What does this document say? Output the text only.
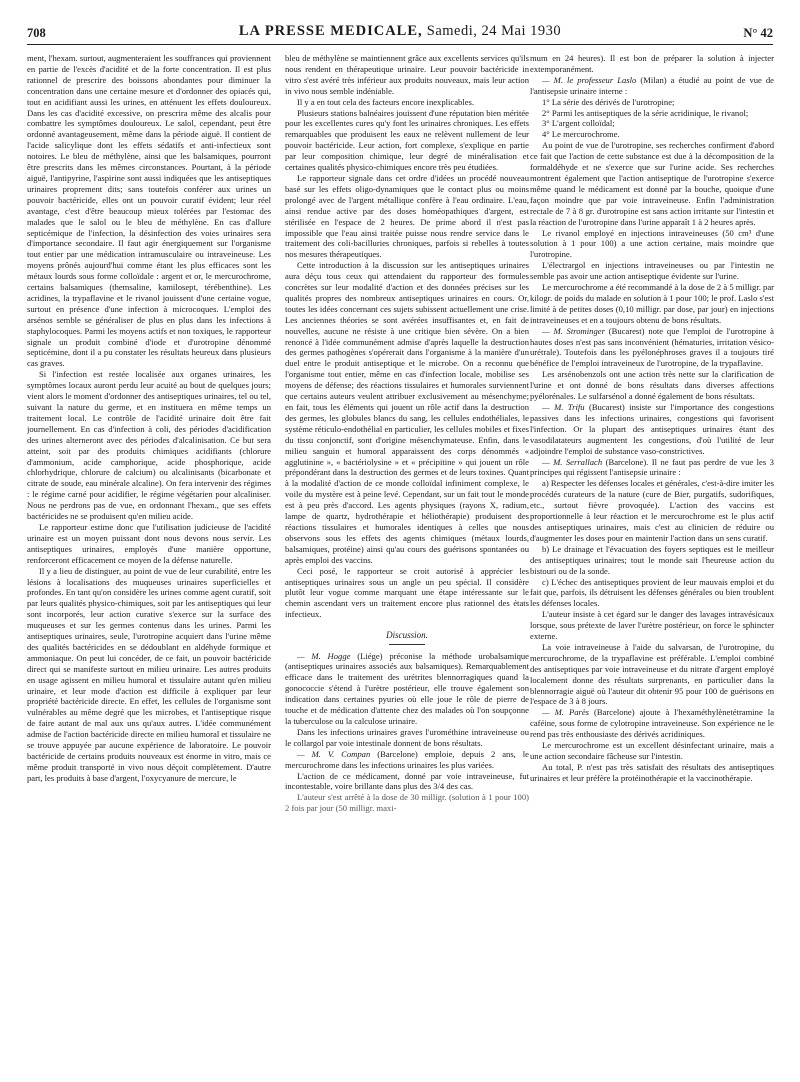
708	LA PRESSE MEDICALE, Samedi, 24 Mai 1930	N° 42

ment, l'hexam. surtout, augmenteraient les souffrances qui proviennent en partie de l'excès d'acidité et de la forte concentration. Il est plus rationnel de prescrire des boissons abondantes pour diminuer la concentration dans une certaine mesure et d'ordonner des opiacés qui, tout en acidifiant aussi les urines, en atténuent les effets douloureux. Dans les cas d'acidité excessive, on prescrira même des alcalis pour combattre les symptômes douloureux. Le salol, cependant, peut être ordonné avantageusement, même dans la période aiguë. Il contient de l'acide salicylique dont les effets sédatifs et anti-infectieux sont notoires. Le bleu de méthylène, ainsi que les balsamiques, pourront être prescrits dans les mêmes circonstances. Pourtant, à la période aiguë, l'antipyrine, l'aspirine sont aussi indiquées que les antiseptiques urinaires proprement dits; sans toutefois conférer aux urines un pouvoir bactéricide, elles ont un pouvoir curatif évident; leur réel avantage, c'est d'être beaucoup mieux tolérées par l'estomac des malades que le salol ou le bleu de méthylène. En cas d'allure septicémique de l'infection, la désinfection des voies urinaires sera d'importance secondaire. Il faut agir énergiquement sur l'organisme tout entier par une médication intramusculaire ou intraveineuse. Les moyens prônés aujourd'hui comme étant les plus efficaces sont les métaux lourds sous forme colloïdale : argent et or, le mercurochrome, certains balsamiques (themsaline, kamilosept, térébenthine). Les acridines, la trypaflavine et le rivanol jouissent d'une certaine vogue, surtout en présence d'une infection à microcoques. L'emploi des arsénos semble se généraliser de plus en plus dans les infections à staphylocoques. Parmi les moyens actifs et non toxiques, le rapporteur signale un produit combiné d'iode et d'urotropine dénommé septicémine, dont il a pu constater les résultats heureux dans plusieurs cas graves.

Si l'infection est restée localisée aux organes urinaires, les symptômes locaux auront perdu leur acuité au bout de quelques jours; vient alors le moment d'ordonner des antiseptiques urinaires, tel ou tel, suivant la nature du germe, et en instituera en même temps un traitement local. Le contrôle de l'acidité urinaire doit être fait journellement. En cas d'infection à coli, des périodes d'acidification des urines alterneront avec des périodes d'alcalinisation. Ce but sera atteint, soit par des produits chimiques acidifiants (chlorure d'ammonium, acide camphorique, acide phosphorique, acide chlorhydrique, chlorure de calcium) ou alcalinisants (bicarbonate et citrate de soude, eau minérale alcaline). On fera intervenir des régimes : le régime carné pour acidifier, le régime végétarien pour alcaliniser. Nous ne perdrons pas de vue, en ordonnant l'hexam., que ses effets bactéricides ne se produisent qu'en milieu acide.

Le rapporteur estime donc que l'utilisation judicieuse de l'acidité urinaire est un moyen puissant dont nous devons nous servir. Les antiseptiques urinaires, employés d'une manière opportune, renforceront efficacement ce moyen de la défense naturelle.

Il y a lieu de distinguer, au point de vue de leur curabilité, entre les lésions à localisations des muqueuses urinaires superficielles et profondes. En tant qu'on considère les urines comme agent curatif, soit par leurs qualités physico-chimiques, soit par les antiseptiques qui leur sont incorporés, leur action curative s'exerce sur la surface des muqueuses et sur les germes contenus dans les urines. Parmi les antiseptiques urinaires, seule, l'urotropine acquiert dans l'urine même des qualités bactéricides en se dédoublant en aldéhyde formique et ammoniaque. On peut lui concéder, de ce fait, un pouvoir bactéricide direct qui se manifeste surtout en milieu urinaire. Les autres produits en usage agissent en milieu humoral et tissulaire autant qu'en milieu urinaire, et leur mode d'action est difficile à expliquer par leur propriété bactéricide directe. En effet, les cellules de l'organisme sont vulnérables au même degré que les microbes, et l'antiseptique risque de faire autant de mal aux uns qu'aux autres. L'idée communément admise de l'action bactéricide directe en milieu humoral et tissulaire ne se trouve appuyée par aucune expérience de laboratoire. Le pouvoir bactéricide de certains produits nouveaux est énorme in vitro, mais ce même produit transporté in vivo nous déçoit complètement. D'autre part, les produits à base d'argent, l'oxycyanure de mercure, le

bleu de méthylène se maintiennent grâce aux excellents services qu'ils nous rendent en thérapeutique urinaire. Leur pouvoir bactéricide in vitro s'est avéré très inférieur aux produits nouveaux, mais leur action in vivo nous semble indéniable.

Il y a en tout cela des facteurs encore inexplicables.

Plusieurs stations balnéaires jouissent d'une réputation bien méritée pour les excellentes cures qu'y font les urinaires chroniques. Les effets remarquables que produisent les eaux ne relèvent nullement de leur pouvoir bactéricide. Leur action, fort complexe, s'explique en partie par leur composition chimique, leur degré de minéralisation et certaines qualités physico-chimiques encore très peu étudiées.

Le rapporteur signale dans cet ordre d'idées un procédé nouveau basé sur les effets oligo-dynamiques que le contact plus ou moins prolongé avec de l'argent métallique confère à l'eau ordinaire. L'eau, ainsi rendue active par des doses homéopathiques d'argent, est stérilisée en l'espace de 2 heures. De prime abord il n'est pas impossible que l'eau ainsi traitée puisse nous rendre service dans le traitement des coli-bacilluries chroniques, parfois si rebelles à toutes nos mesures thérapeutiques.

Cette introduction à la discussion sur les antiseptiques urinaires aura déçu tous ceux qui attendaient du rapporteur des formules concrètes sur leur modalité d'action et des données précises sur les qualités propres des nombreux antiseptiques urinaires en cours. Or, toutes les idées concernant ces sujets subissent actuellement une crise. Les anciennes théories se sont avérées insuffisantes et, en fait de nouvelles, aucune ne résiste à une critique bien sévère. On a bien renoncé à l'idée communément admise d'après laquelle la destruction des germes pathogènes s'opérerait dans l'organisme à la manière d'un duel entre le produit antiseptique et le microbe. On a reconnu que l'organisme tout entier, même en cas d'infection locale, mobilise ses moyens de défense; des réactions tissulaires et humorales surviennent que certains auteurs veulent attribuer exclusivement au mésenchyme; en fait, tous les éléments qui jouent un rôle actif dans la destruction des germes, les globules blancs du sang, les cellules endothéliales, le système réticulo-endothélial en particulier, les cellules mobiles et fixes du tissu conjonctif, sont d'origine mésenchymateuse. Enfin, dans le milieu sanguin et humoral apparaissent des corps dénommés « agglutinine », « bactériolysine » et « précipitine » qui jouent un rôle prépondérant dans la destruction des germes et de leurs toxines. Quant à la modalité d'action de ce monde colloïdal infiniment complexe, le voile du mystère est à peine levé. Cependant, sur un fait tout le monde est à peu près d'accord. Les agents physiques (rayons X, radium, lampe de quartz, hydrothérapie et héliothérapie) produisent des réactions tissulaires et humorales identiques à celles que nous observons sous les effets des agents chimiques (métaux lourds, balsamiques, protéine) ainsi qu'au cours des guérisons spontanées ou après emploi des vaccins.

Ceci posé, le rapporteur se croit autorisé à apprécier les antiseptiques urinaires sous un angle un peu spécial. Il considère plutôt leur vogue comme marquant une étape intéressante sur le chemin ascendant vers un traitement encore plus rationnel des états infectieux.

Discussion.

— M. Hogge (Liége) préconise la méthode urobalsamique (antiseptiques urinaires associés aux balsamiques). Remarquablement efficace dans le traitement des urétrites blennorragiques quand la gonococcie s'étend à l'urètre postérieur, elle trouve également son indication dans certaines pyuries où elle joue le rôle de pierre de touche et de médication d'attente chez des malades où l'on soupçonne la tuberculose ou la calculose urinaire.

Dans les infections urinaires graves l'urométhine intraveineuse ou le collargol par voie intestinale donnent de bons résultats.

— M. V. Compan (Barcelone) emploie, depuis 2 ans, le mercurochrome dans les infections urinaires les plus variées.

L'action de ce médicament, donné par voie intraveineuse, fut incontestable, voire brillante dans plus des 3/4 des cas.

L'auteur s'est arrêté à la dose de 30 milligr. (solution à 1 pour 100) 2 fois par jour (50 milligr. maxi-

mum en 24 heures). Il est bon de préparer la solution à injecter extemporanément.

— M. le professeur Laslo (Milan) a étudié au point de vue de l'antisepsie urinaire interne :

1° La série des dérivés de l'urotropine;

2° Parmi les antiseptiques de la série acridinique, le rivanol;

3° L'argent colloïdal;

4° Le mercurochrome.

Au point de vue de l'urotropine, ses recherches confirment d'abord ce fait que l'action de cette substance est due à la décomposition de la formaldéhyde et ne s'exerce que sur l'urine acide. Ses recherches montrent également que l'action antiseptique de l'urotropine s'exerce même quand le médicament est donné par la bouche, quoique d'une façon moindre que par voie intraveineuse. Enfin l'administration rectale de 7 à 8 gr. d'urotropine est sans action irritante sur l'intestin et la réaction de l'urotropine dans l'urine apparaît 1 à 2 heures après.

Le rivanol employé en injections intraveineuses (50 cm³ d'une solution à 1 pour 100) a une action certaine, mais moindre que l'urotropine.

L'électrargol en injections intraveineuses ou par l'intestin ne semble pas avoir une action antiseptique évidente sur l'urine.

Le mercurochrome a été recommandé à la dose de 2 à 5 milligr. par kilogr. de poids du malade en solution à 1 pour 100; le prof. Laslo s'est limité à de petites doses (0,10 milligr. par dose, par jour) en injections intraveineuses et en a toujours obtenu de bons résultats.

— M. Strominger (Bucarest) note que l'emploi de l'urotropine à hautes doses n'est pas sans inconvénient (hématuries, irritation vésico-urétrale). Toutefois dans les pyélonéphroses graves il a toujours tiré bénéfice de l'emploi intraveineux de l'urotropine, de la trypaflavine.

Les arsénobenzols ont une action très nette sur la clarification de l'urine et ont donné de bons résultats dans diverses affections pyélorénales. Le sulfarsénol a donné également de bons résultats.

— M. Trifu (Bucarest) insiste sur l'importance des congestions passives dans les infections urinaires, congestions qui favorisent l'infection. Or la plupart des antiseptiques urinaires étant des vasodilatateurs augmentent les congestions, d'où l'utilité de leur adjoindre l'emploi de substance vaso-constrictives.

— M. Serrallach (Barcelone). Il ne faut pas perdre de vue les 3 principes qui régissent l'antisepsie urinaire :

a) Respecter les défenses locales et générales, c'est-à-dire imiter les procédés curateurs de la nature (cure de Bier, purgatifs, sudorifiques, etc., surtout fièvre provoquée). L'action des vaccins est proportionnelle à leur réaction et le mercurochrome est le plus actif des antiseptiques urinaires, mais c'est au clinicien de réduire ou d'augmenter les doses pour en maintenir l'action dans un sens curatif.

b) Le drainage et l'évacuation des foyers septiques est le meilleur des antiseptiques urinaires; tout le monde sait l'heureuse action du bistouri ou de la sonde.

c) L'échec des antiseptiques provient de leur mauvais emploi et du fait que, parfois, ils détruisent les défenses générales ou bien troublent les défenses locales.

L'auteur insiste à cet égard sur le danger des lavages intravésicaux lorsque, sous prétexte de laver l'urètre postérieur, on force le sphincter externe.

La voie intraveineuse à l'aide du salvarsan, de l'urotropine, du mercurochrome, de la trypaflavine est préférable. L'emploi combiné des antiseptiques par voie intraveineuse et du nitrate d'argent employé localement donne des résultats surprenants, en particulier dans la blennorragie aiguë où l'auteur dit obtenir 95 pour 100 de guérisons en l'espace de 3 à 8 jours.

— M. Parès (Barcelone) ajoute à l'hexaméthylènetétramine la caféine, sous forme de cylotropine intraveineuse. Son expérience ne le rend pas très enthousiaste des dérivés acridiniques.

Le mercurochrome est un excellent désinfectant urinaire, mais a une action secondaire fâcheuse sur l'intestin.

Au total, P. n'est pas très satisfait des résultats des antiseptiques urinaires et leur préfère la protéinothérapie et la vaccinothérapie.
